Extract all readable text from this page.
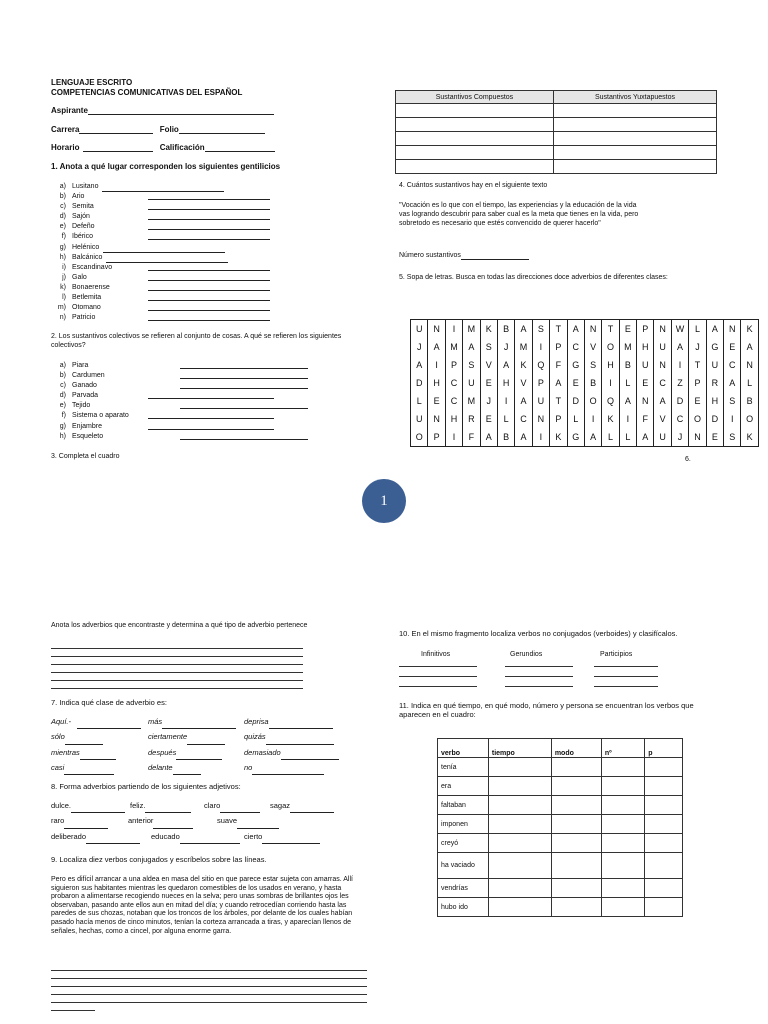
LENGUAJE ESCRITO
COMPETENCIAS COMUNICATIVAS DEL ESPAÑOL
Aspirante
Carrera	Folio
Horario	Calificación
1. Anota a qué lugar corresponden los siguientes gentilicios
a) Lusitano
b) Ario
c) Semita
d) Sajón
e) Defeño
f) Ibérico
g) Helénico
h) Balcánico
i) Escandinavo
j) Galo
k) Bonaerense
l) Betlemita
m) Otomano
n) Patricio
2. Los sustantivos colectivos se refieren al conjunto de cosas. A qué se refieren los siguientes colectivos?
a) Piara
b) Cardumen
c) Ganado
d) Parvada
e) Tejido
f) Sistema o aparato
g) Enjambre
h) Esqueleto
3. Completa el cuadro
Sustantivos Compuestos	Sustantivos Yuxtapuestos

4. Cuántos sustantivos hay en el siguiente texto
"Vocación es lo que con el tiempo, las experiencias y la educación de la vida vas logrando descubrir para saber cual es la meta que tienes en la vida, pero sobretodo es necesario que estés convencido de querer hacerlo"
Número sustantivos
5. Sopa de letras. Busca en todas las direcciones doce adverbios de diferentes clases:
U	N	I	M	K	B	A	S	T	A	N	T	E	P	N	W	L	A	N	K
J	A	M	A	S	J	M	I	P	C	V	O	M	H	U	A	J	G	E	A
A	I	P	S	V	A	K	Q	F	G	S	H	B	U	N	I	T	U	C	N
D	H	C	U	E	H	V	P	A	E	B	I	L	E	C	Z	P	R	A	L
L	E	C	M	J	I	A	U	T	D	O	Q	A	N	A	D	E	H	S	B
U	N	H	R	E	L	C	N	P	L	I	K	I	F	V	C	O	D	I	O
O	P	I	F	A	B	A	I	K	G	A	L	L	A	U	J	N	E	S	K
6.
1
Anota los adverbios que encontraste y determina a qué tipo de adverbio pertenece
7. Indica qué clase de adverbio es:
Aquí.-	más	deprisa
sólo	ciertamente	quizás
mientras	después	demasiado
casi	delante	no
8. Forma adverbios partiendo de los siguientes adjetivos:
dulce.	feliz.	claro	sagaz
raro	anterior	suave
deliberado	educado	cierto
9. Localiza diez verbos conjugados y escríbelos sobre las líneas.
Pero es difícil arrancar a una aldea en masa del sitio en que parece estar sujeta con amarras. Allí siguieron sus habitantes mientras les quedaron comestibles de los usados en verano, y hasta probaron a alimentarse recogiendo nueces en la selva; pero unas sombras de brillantes ojos les observaban, pasando ante ellos aun en mitad del día; y cuando retrocedían corriendo hasta las paredes de sus chozas, notaban que los troncos de los árboles, por delante de los cuales habían pasado hacía menos de cinco minutos, tenían la corteza arrancada a tiras, y aparecían llenos de señales, hechas, como a cincel, por alguna enorme garra.
10. En el mismo fragmento localiza verbos no conjugados (verboides) y clasifícalos.
Infinitivos	Gerundios	Participios
11. Indica en qué tiempo, en qué modo, número y persona se encuentran los verbos que aparecen en el cuadro:
verbo	tiempo	modo	nº	p
tenía				
era				
faltaban				
imponen				
creyó				
ha vaciado				
vendrías				
hubo ido				
